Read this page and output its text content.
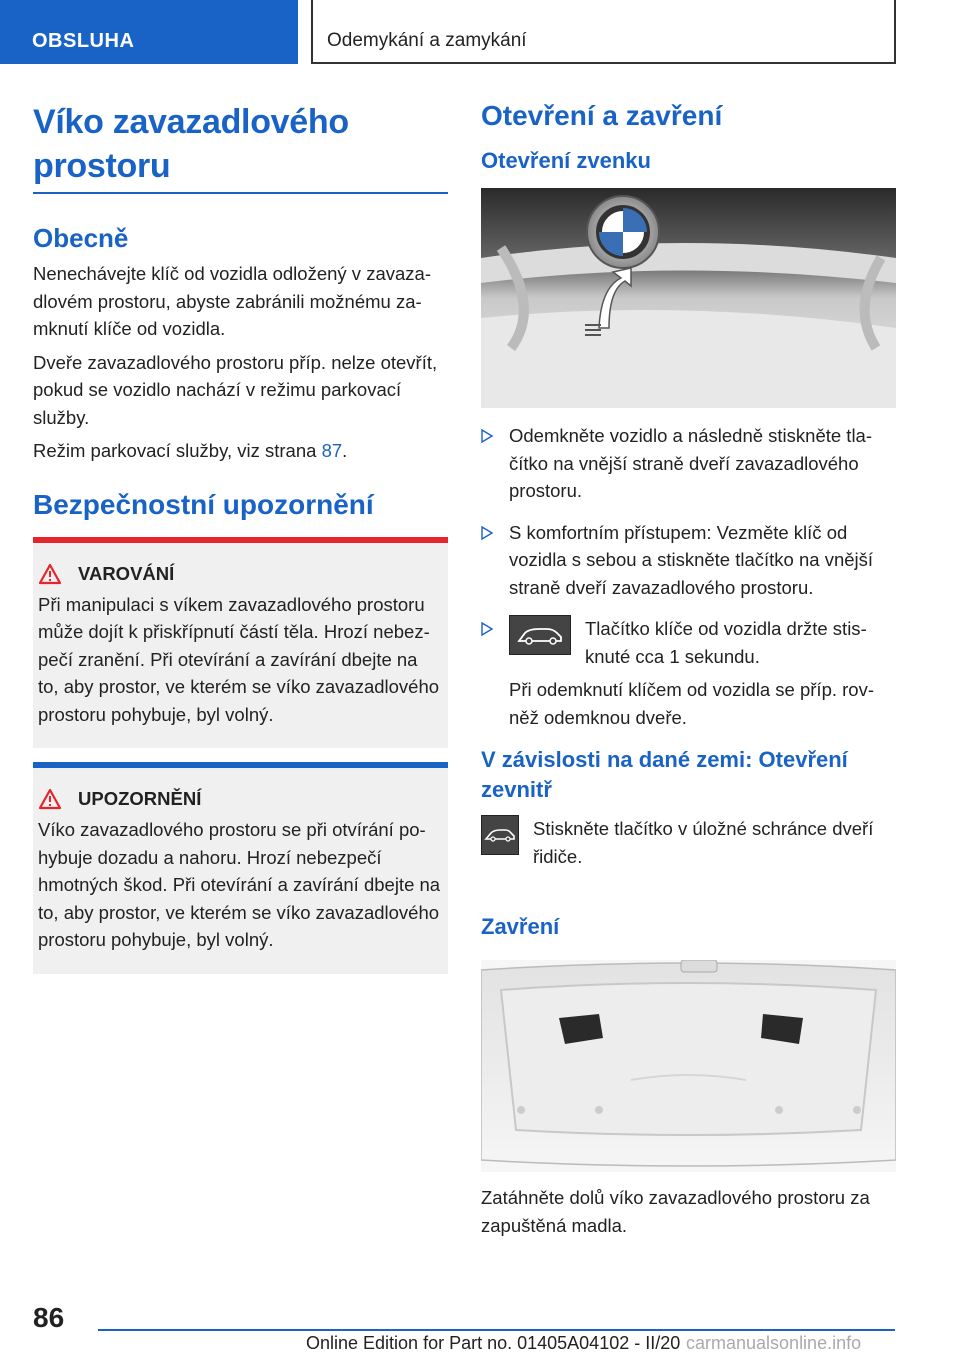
OBSLUHA	Odemykání a zamykání
Víko zavazadlového prostoru
Obecně

Nenechávejte klíč od vozidla odložený v zavazadlovém prostoru, abyste zabránili možnému zamknutí klíče od vozidla.

Dveře zavazadlového prostoru příp. nelze otevřít, pokud se vozidlo nachází v režimu parkovací služby.

Režim parkovací služby, viz strana 87.

Bezpečnostní upozornění
VAROVÁNÍ

Při manipulaci s víkem zavazadlového prostoru může dojít k přiskřípnutí částí těla. Hrozí nebezpečí zranění. Při otevírání a zavírání dbejte na to, aby prostor, ve kterém se víko zavazadlového prostoru pohybuje, byl volný.

UPOZORNĚNÍ

Víko zavazadlového prostoru se při otvírání pohybuje dozadu a nahoru. Hrozí nebezpečí hmotných škod. Při otevírání a zavírání dbejte na to, aby prostor, ve kterém se víko zavazadlového prostoru pohybuje, byl volný.

Otevření a zavření
Otevření zvenku
Odemkněte vozidlo a následně stiskněte tlačítko na vnější straně dveří zavazadlového prostoru.
S komfortním přístupem: Vezměte klíč od vozidla s sebou a stiskněte tlačítko na vnější straně dveří zavazadlového prostoru.
Tlačítko klíče od vozidla držte stisknuté cca 1 sekundu.

Při odemknutí klíčem od vozidla se příp. rovněž odemknou dveře.

V závislosti na dané zemi: Otevření zevnitř
Stiskněte tlačítko v úložné schránce dveří řidiče.
Zavření

Zatáhněte dolů víko zavazadlového prostoru za zapuštěná madla.

86
Online Edition for Part no. 01405A04102 - II/20 carmanualsonline.info
